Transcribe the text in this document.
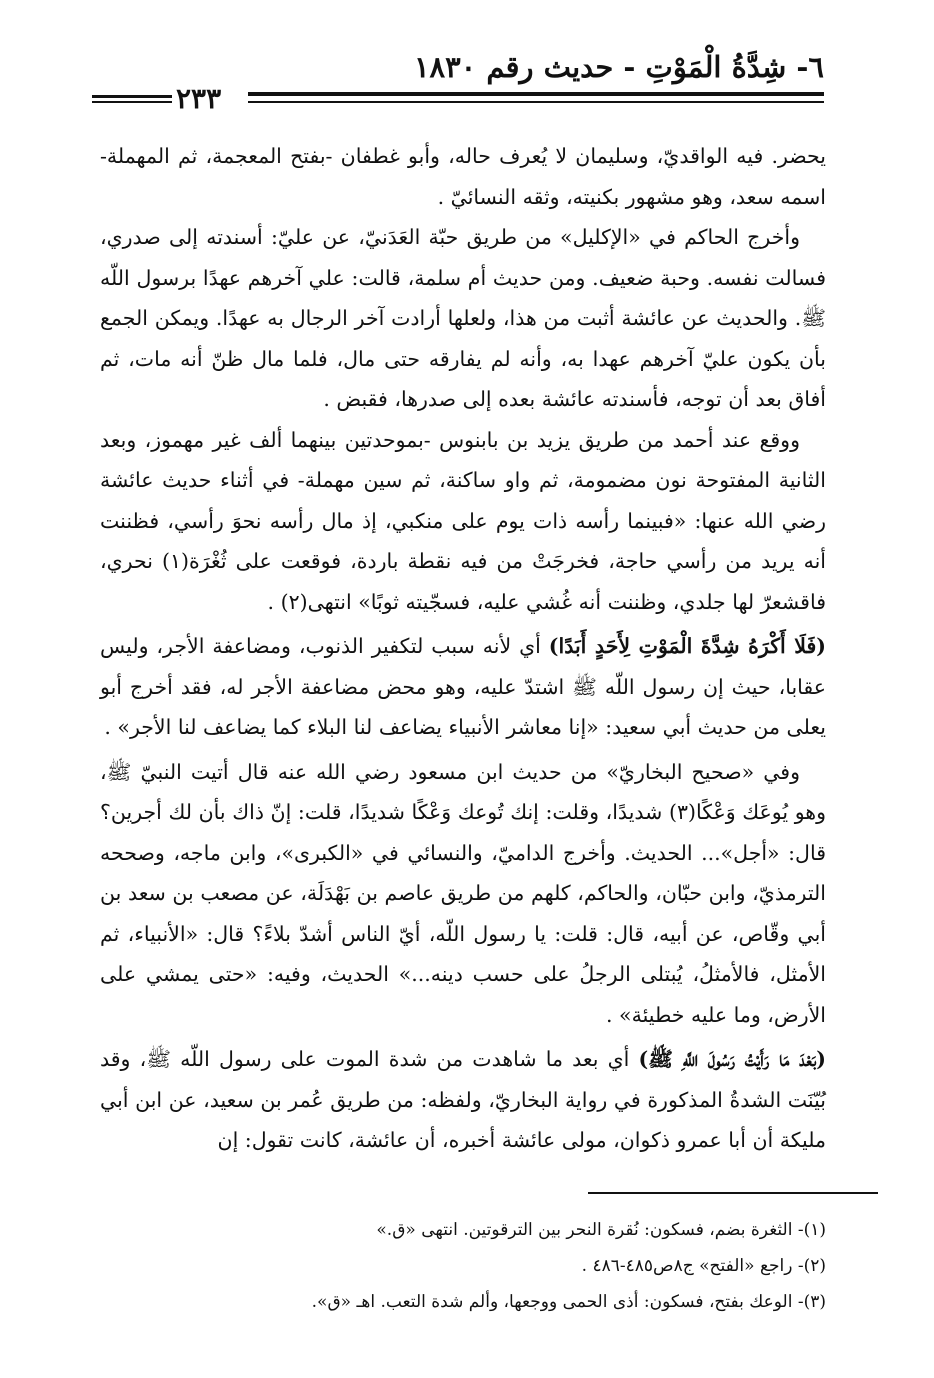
٦- شِدَّةُ الْمَوْتِ - حديث رقم ١٨٣٠
٢٣٣

يحضر. فيه الواقديّ، وسليمان لا يُعرف حاله، وأبو غطفان -بفتح المعجمة، ثم المهملة- اسمه سعد، وهو مشهور بكنيته، وثقه النسائيّ .

وأخرج الحاكم في «الإكليل» من طريق حبّة العَدَنيّ، عن عليّ: أسندته إلى صدري، فسالت نفسه. وحبة ضعيف. ومن حديث أم سلمة، قالت: علي آخرهم عهدًا برسول اللّه ﷺ. والحديث عن عائشة أثبت من هذا، ولعلها أرادت آخر الرجال به عهدًا. ويمكن الجمع بأن يكون عليّ آخرهم عهدا به، وأنه لم يفارقه حتى مال، فلما مال ظنّ أنه مات، ثم أفاق بعد أن توجه، فأسندته عائشة بعده إلى صدرها، فقبض .

ووقع عند أحمد من طريق يزيد بن بابنوس -بموحدتين بينهما ألف غير مهموز، وبعد الثانية المفتوحة نون مضمومة، ثم واو ساكنة، ثم سين مهملة- في أثناء حديث عائشة رضي الله عنها: «فبينما رأسه ذات يوم على منكبي، إذ مال رأسه نحوَ رأسي، فظننت أنه يريد من رأسي حاجة، فخرجَتْ من فيه نقطة باردة، فوقعت على ثُغْرَة(١) نحري، فاقشعرّ لها جلدي، وظننت أنه غُشي عليه، فسجّيته ثوبًا» انتهى(٢) .

(فَلَا أَكْرَهُ شِدَّةَ الْمَوْتِ لِأَحَدٍ أَبَدًا) أي لأنه سبب لتكفير الذنوب، ومضاعفة الأجر، وليس عقابا، حيث إن رسول اللّه ﷺ اشتدّ عليه، وهو محض مضاعفة الأجر له، فقد أخرج أبو يعلى من حديث أبي سعيد: «إنا معاشر الأنبياء يضاعف لنا البلاء كما يضاعف لنا الأجر» .

وفي «صحيح البخاريّ» من حديث ابن مسعود رضي الله عنه قال أتيت النبيّ ﷺ، وهو يُوعَك وَعْكًا(٣) شديدًا، وقلت: إنك تُوعك وَعْكًا شديدًا، قلت: إنّ ذاك بأن لك أجرين؟ قال: «أجل»... الحديث. وأخرج الداميّ، والنسائي في «الكبرى»، وابن ماجه، وصححه الترمذيّ، وابن حبّان، والحاكم، كلهم من طريق عاصم بن بَهْدَلَة، عن مصعب بن سعد بن أبي وقّاص، عن أبيه، قال: قلت: يا رسول اللّه، أيّ الناس أشدّ بلاءً؟ قال: «الأنبياء، ثم الأمثل، فالأمثلُ، يُبتلى الرجلُ على حسب دينه...» الحديث، وفيه: «حتى يمشي على الأرض، وما عليه خطيئة» .

(بَعْدَ مَا رَأَيْتُ رَسُولَ اللَّهِ ﷺ) أي بعد ما شاهدت من شدة الموت على رسول اللّه ﷺ، وقد بُيّنَت الشدةُ المذكورة في رواية البخاريّ، ولفظه: من طريق عُمر بن سعيد، عن ابن أبي مليكة أن أبا عمرو ذكوان، مولى عائشة أخبره، أن عائشة، كانت تقول: إن

(١)- الثغرة بضم، فسكون: نُقرة النحر بين الترقوتين. انتهى «ق.»
(٢)- راجع «الفتح» ج٨ص٤٨٥-٤٨٦ .
(٣)- الوعك بفتح، فسكون: أذى الحمى ووجعها، وألم شدة التعب. اهـ «ق».
